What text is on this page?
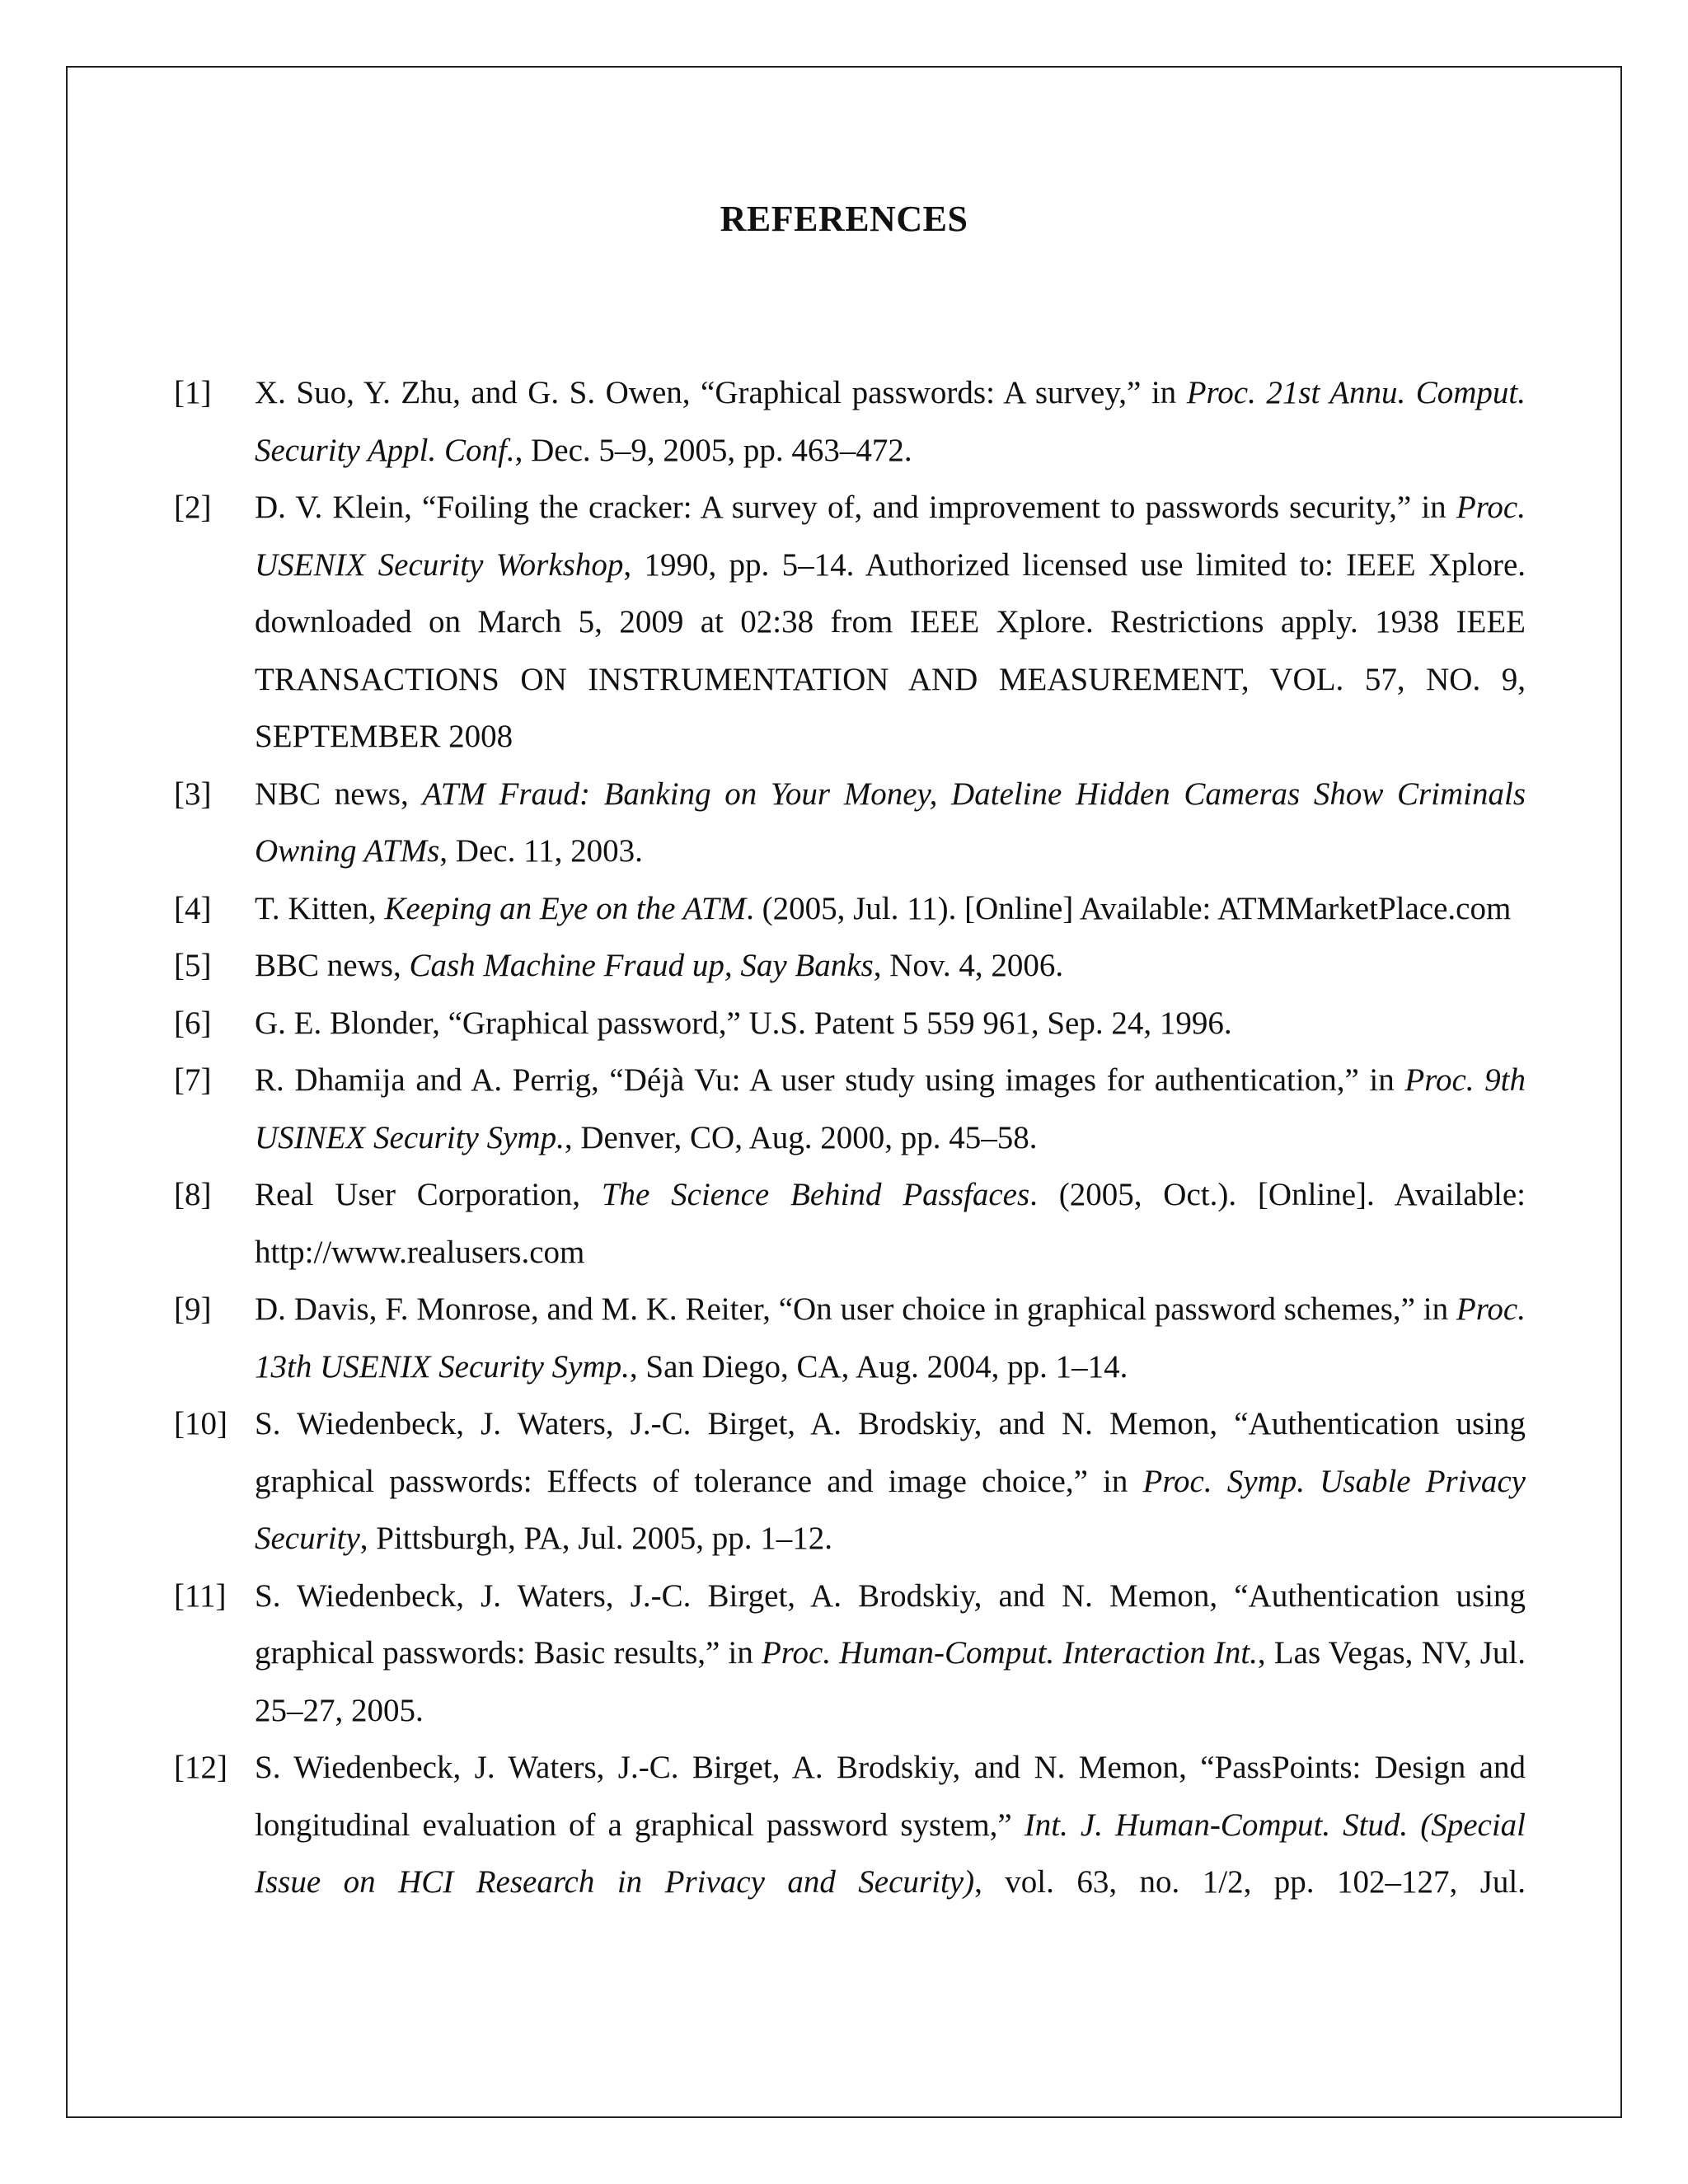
REFERENCES
[1]	X. Suo, Y. Zhu, and G. S. Owen, “Graphical passwords: A survey,” in Proc. 21st Annu. Comput. Security Appl. Conf., Dec. 5–9, 2005, pp. 463–472.
[2]	D. V. Klein, “Foiling the cracker: A survey of, and improvement to passwords security,” in Proc. USENIX Security Workshop, 1990, pp. 5–14. Authorized licensed use limited to: IEEE Xplore. downloaded on March 5, 2009 at 02:38 from IEEE Xplore. Restrictions apply. 1938 IEEE TRANSACTIONS ON INSTRUMENTATION AND MEASUREMENT, VOL. 57, NO. 9, SEPTEMBER 2008
[3]	NBC news, ATM Fraud: Banking on Your Money, Dateline Hidden Cameras Show Criminals Owning ATMs, Dec. 11, 2003.
[4]	T. Kitten, Keeping an Eye on the ATM. (2005, Jul. 11). [Online] Available: ATMMarketPlace.com
[5]	BBC news, Cash Machine Fraud up, Say Banks, Nov. 4, 2006.
[6]	G. E. Blonder, “Graphical password,” U.S. Patent 5 559 961, Sep. 24, 1996.
[7]	R. Dhamija and A. Perrig, “Déjà Vu: A user study using images for authentication,” in Proc. 9th USINEX Security Symp., Denver, CO, Aug. 2000, pp. 45–58.
[8]	Real User Corporation, The Science Behind Passfaces. (2005, Oct.). [Online]. Available: http://www.realusers.com
[9]	D. Davis, F. Monrose, and M. K. Reiter, “On user choice in graphical password schemes,” in Proc. 13th USENIX Security Symp., San Diego, CA, Aug. 2004, pp. 1–14.
[10] S. Wiedenbeck, J. Waters, J.-C. Birget, A. Brodskiy, and N. Memon, “Authentication using graphical passwords: Effects of tolerance and image choice,” in Proc. Symp. Usable Privacy Security, Pittsburgh, PA, Jul. 2005, pp. 1–12.
[11] S. Wiedenbeck, J. Waters, J.-C. Birget, A. Brodskiy, and N. Memon, “Authentication using graphical passwords: Basic results,” in Proc. Human-Comput. Interaction Int., Las Vegas, NV, Jul. 25–27, 2005.
[12] S. Wiedenbeck, J. Waters, J.-C. Birget, A. Brodskiy, and N. Memon, “PassPoints: Design and longitudinal evaluation of a graphical password system,” Int. J. Human-Comput. Stud. (Special Issue on HCI Research in Privacy and Security), vol. 63, no. 1/2, pp. 102–127, Jul.
